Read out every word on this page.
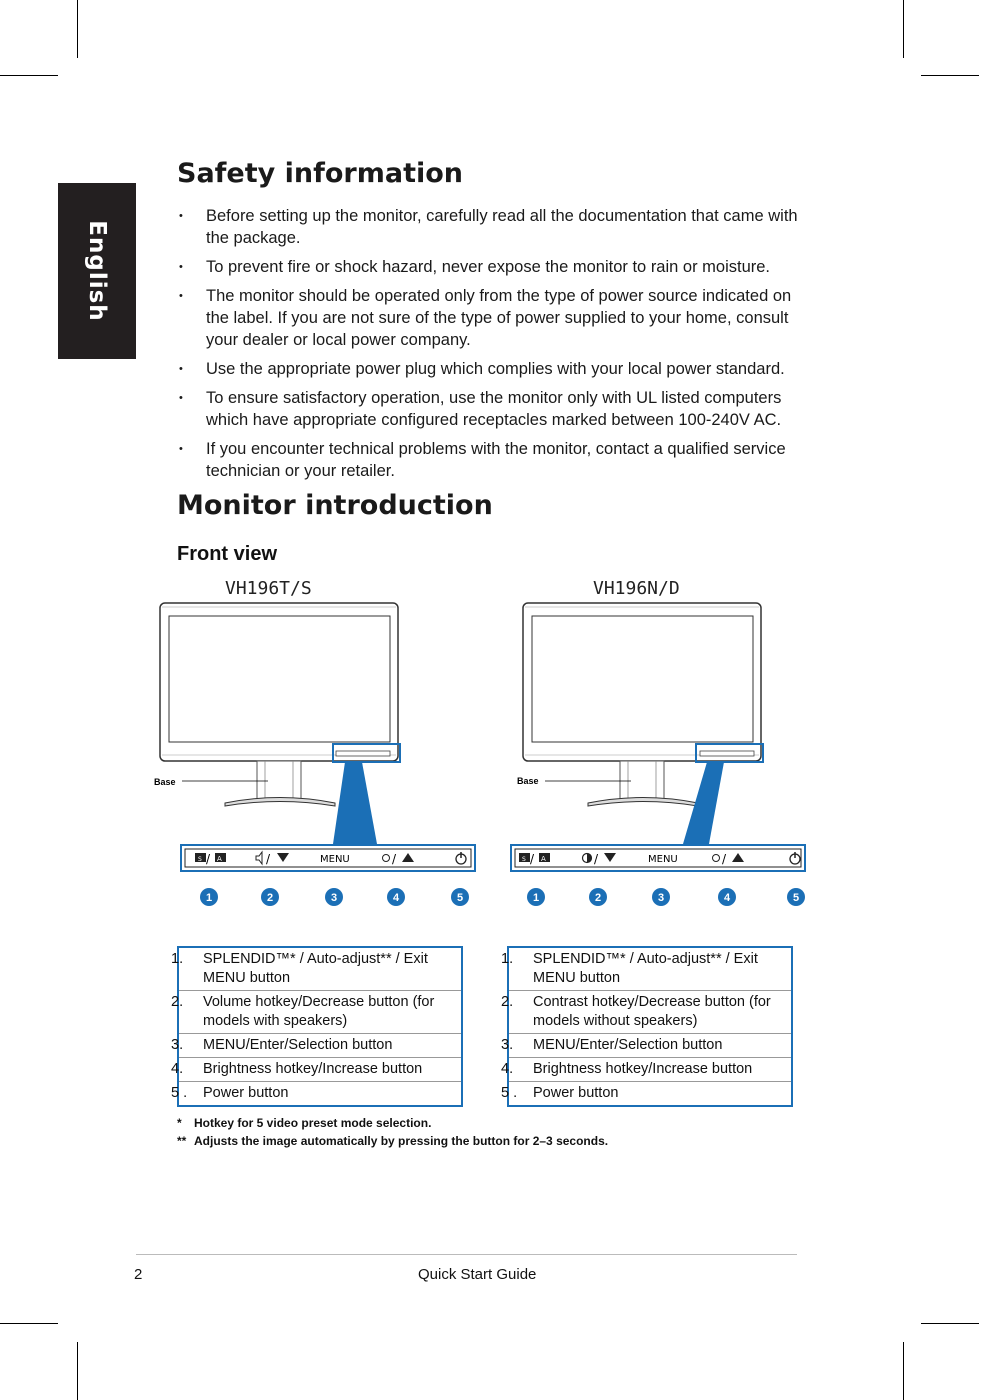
English
Safety information
• Before setting up the monitor, carefully read all the documentation that came with the package.
• To prevent fire or shock hazard, never expose the monitor to rain or moisture.
• The monitor should be operated only from the type of power source indicated on the label. If you are not sure of the type of power supplied to your home, consult your dealer or local power company.
• Use the appropriate power plug which complies with your local power standard.
• To ensure satisfactory operation, use the monitor only with UL listed computers which have appropriate configured receptacles marked between 100-240V AC.
• If you encounter technical problems with the monitor, contact a qualified service technician or your retailer.
Monitor introduction
Front view
VH196T/S	VH196N/D
Base
S / A	/	MENU	/
1	2	3	4	5
Base
S / A	/	MENU	/
1	2	3	4	5
1. SPLENDID™* / Auto-adjust** / Exit MENU button

2. Volume hotkey/Decrease button (for models with speakers)

3. MENU/Enter/Selection button

4. Brightness hotkey/Increase button

5 . Power button
1. SPLENDID™* / Auto-adjust** / Exit MENU button

2. Contrast hotkey/Decrease button (for models without speakers)

3. MENU/Enter/Selection button

4. Brightness hotkey/Increase button

5 . Power button
* Hotkey for 5 video preset mode selection.
** Adjusts the image automatically by pressing the button for 2–3 seconds.
2	Quick Start Guide
